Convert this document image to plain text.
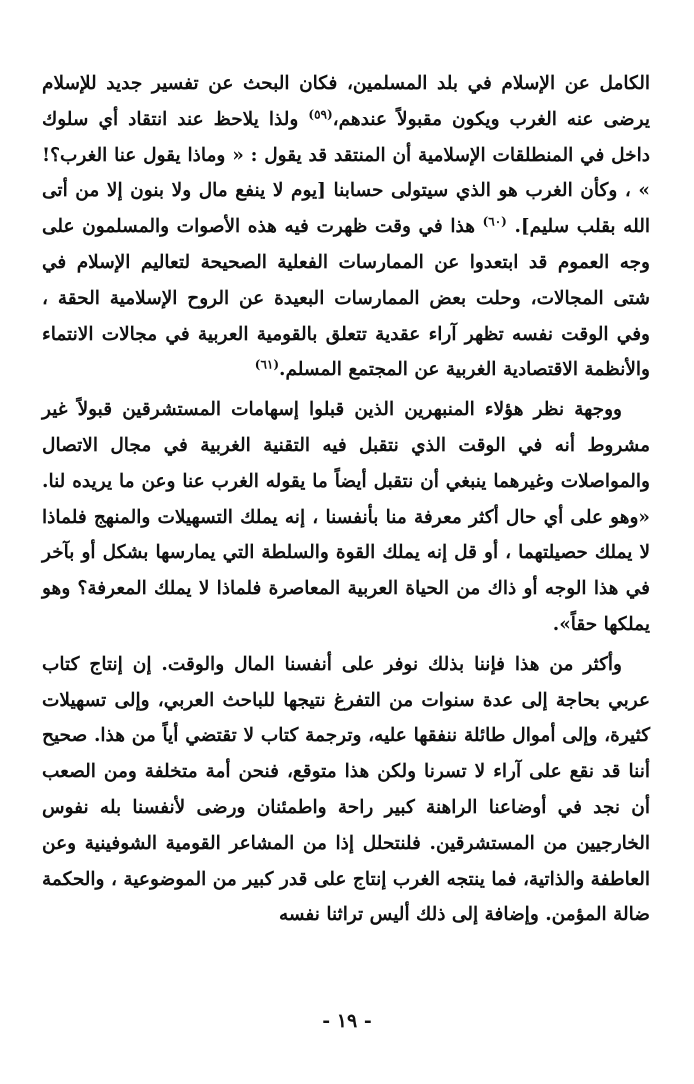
الكامل عن الإسلام في بلد المسلمين، فكان البحث عن تفسير جديد للإسلام يرضى عنه الغرب ويكون مقبولاً عندهم،$^{(٥٩)}$ ولذا يلاحظ عند انتقاد أي سلوك داخل في المنطلقات الإسلامية أن المنتقد قد يقول : « وماذا يقول عنا الغرب؟! » ، وكأن الغرب هو الذي سيتولى حسابنا [يوم لا ينفع مال ولا بنون إلا من أتى الله بقلب سليم]. $^{(٦٠)}$ هذا في وقت ظهرت فيه هذه الأصوات والمسلمون على وجه العموم قد ابتعدوا عن الممارسات الفعلية الصحيحة لتعاليم الإسلام في شتى المجالات، وحلت بعض الممارسات البعيدة عن الروح الإسلامية الحقة ، وفي الوقت نفسه تظهر آراء عقدية تتعلق بالقومية العربية في مجالات الانتماء والأنظمة الاقتصادية الغربية عن المجتمع المسلم.$^{(٦١)}$

ووجهة نظر هؤلاء المنبهرين الذين قبلوا إسهامات المستشرقين قبولاً غير مشروط أنه في الوقت الذي نتقبل فيه التقنية الغربية في مجال الاتصال والمواصلات وغيرهما ينبغي أن نتقبل أيضاً ما يقوله الغرب عنا وعن ما يريده لنا. «وهو على أي حال أكثر معرفة منا بأنفسنا ، إنه يملك التسهيلات والمنهج فلماذا لا يملك حصيلتهما ، أو قل إنه يملك القوة والسلطة التي يمارسها بشكل أو بآخر في هذا الوجه أو ذاك من الحياة العربية المعاصرة فلماذا لا يملك المعرفة؟ وهو يملكها حقاً».

وأكثر من هذا فإننا بذلك نوفر على أنفسنا المال والوقت. إن إنتاج كتاب عربي بحاجة إلى عدة سنوات من التفرغ نتيجها للباحث العربي، وإلى تسهيلات كثيرة، وإلى أموال طائلة ننفقها عليه، وترجمة كتاب لا تقتضي أياً من هذا. صحيح أننا قد نقع على آراء لا تسرنا ولكن هذا متوقع، فنحن أمة متخلفة ومن الصعب أن نجد في أوضاعنا الراهنة كبير راحة واطمئنان ورضى لأنفسنا بله نفوس الخارجيين من المستشرقين. فلنتحلل إذا من المشاعر القومية الشوفينية وعن العاطفة والذاتية، فما ينتجه الغرب إنتاج على قدر كبير من الموضوعية ، والحكمة ضالة المؤمن. وإضافة إلى ذلك أليس تراثنا نفسه

- ١٩ -
